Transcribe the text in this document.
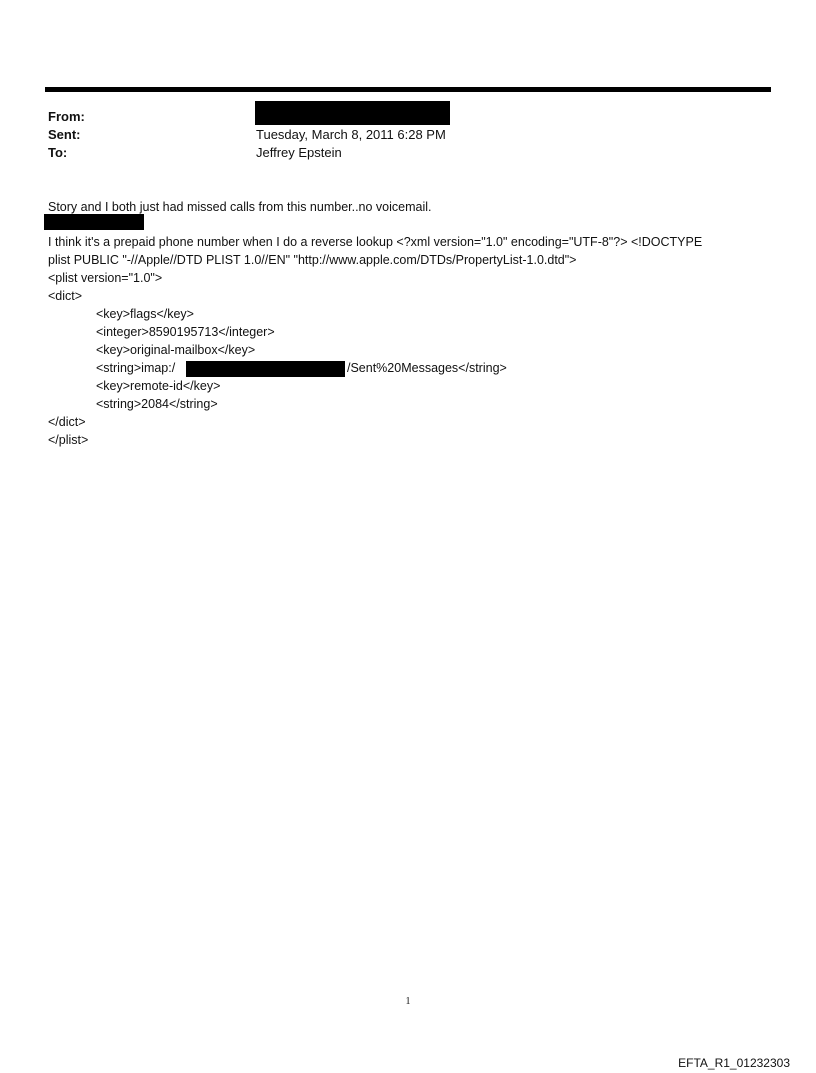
From:
Sent:	Tuesday, March 8, 2011 6:28 PM
To:	Jeffrey Epstein
Story and I both just had missed calls from this number..no voicemail.
I think it's a prepaid phone number when I do a reverse lookup <?xml version="1.0" encoding="UTF-8"?> <!DOCTYPE
plist PUBLIC "-//Apple//DTD PLIST 1.0//EN" "http://www.apple.com/DTDs/PropertyList-1.0.dtd">
<plist version="1.0">
<dict>
<key>flags</key>
<integer>8590195713</integer>
<key>original-mailbox</key>
<string>imap:/	/Sent%20Messages</string>
<key>remote-id</key>
<string>2084</string>
</dict>
</plist>
1
EFTA_R1_01232303
